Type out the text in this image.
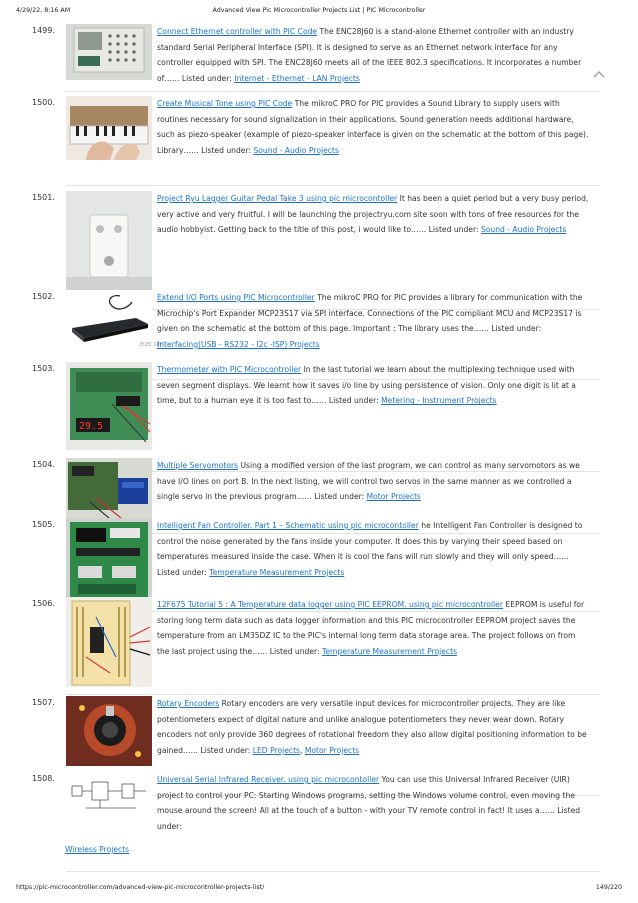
4/29/22, 8:16 AM	Advanced View Pic Microcontroller Projects List | PIC Microcontroller
1499.	Connect Ethernet controller with PIC Code The ENC28J60 is a stand-alone Ethernet controller with an industry standard Serial Peripheral Interface (SPI). It is designed to serve as an Ethernet network interface for any controller equipped with SPI. The ENC28J60 meets all of the IEEE 802.3 specifications. It incorporates a number of…… Listed under: Internet - Ethernet - LAN Projects
1500.	Create Musical Tone using PIC Code The mikroC PRO for PIC provides a Sound Library to supply users with routines necessary for sound signalization in their applications. Sound generation needs additional hardware, such as piezo-speaker (example of piezo-speaker interface is given on the schematic at the bottom of this page). Library…… Listed under: Sound - Audio Projects
1501.	Project Ryu Lagger Guitar Pedal Take 3 using pic microcontoller It has been a quiet period but a very busy period, very active and very fruitful. I will be launching the projectryu.com site soon with tons of free resources for the audio hobbyist. Getting back to the title of this post, i would like to…… Listed under: Sound - Audio Projects
1502.
ELEC.DIY
Extend I/O Ports using PIC Microcontroller The mikroC PRO for PIC provides a library for communication with the Microchip's Port Expander MCP23S17 via SPI interface. Connections of the PIC compliant MCU and MCP23S17 is given on the schematic at the bottom of this page. Important : The library uses the…… Listed under: Interfacing(USB - RS232 - I2c -ISP) Projects
1503.
29.5
Thermometer with PIC Microcontroller In the last tutorial we learn about the multiplexing technique used with seven segment displays. We learnt how it saves i/o line by using persistence of vision. Only one digit is lit at a time, but to a human eye it is too fast to…… Listed under: Metering - Instrument Projects
1504.	Multiple Servomotors Using a modified version of the last program, we can control as many servomotors as we have I/O lines on port B. In the next listing, we will control two servos in the same manner as we controlled a single servo in the previous program…… Listed under: Motor Projects
1505.	Intelligent Fan Controller. Part 1 – Schematic using pic microcontoller he Intelligent Fan Controller is designed to control the noise generated by the fans inside your computer. It does this by varying their speed based on temperatures measured inside the case. When it is cool the fans will run slowly and they will only speed…… Listed under: Temperature Measurement Projects
1506.	12F675 Tutorial 5 : A Temperature data logger using PIC EEPROM. using pic microcontroller EEPROM is useful for storing long term data such as data logger information and this PIC microcontroller EEPROM project saves the temperature from an LM35DZ IC to the PIC's internal long term data storage area. The project follows on from the last project using the…… Listed under: Temperature Measurement Projects
1507.	Rotary Encoders Rotary encoders are very versatile input devices for microcontroller projects. They are like potentiometers expect of digital nature and unlike analogue potentiometers they never wear down. Rotary encoders not only provide 360 degrees of rotational freedom they also allow digital positioning information to be gained…… Listed under: LED Projects, Motor Projects
1508.	Universal Serial Infrared Receiver. using pic microcontoller You can use this Universal Infrared Receiver (UIR) project to control your PC: Starting Windows programs, setting the Windows volume control, even moving the mouse around the screen! All at the touch of a button - with your TV remote control in fact! It uses a…… Listed under:
Wireless Projects
https://pic-microcontroller.com/advanced-view-pic-microcontroller-projects-list/	149/220
